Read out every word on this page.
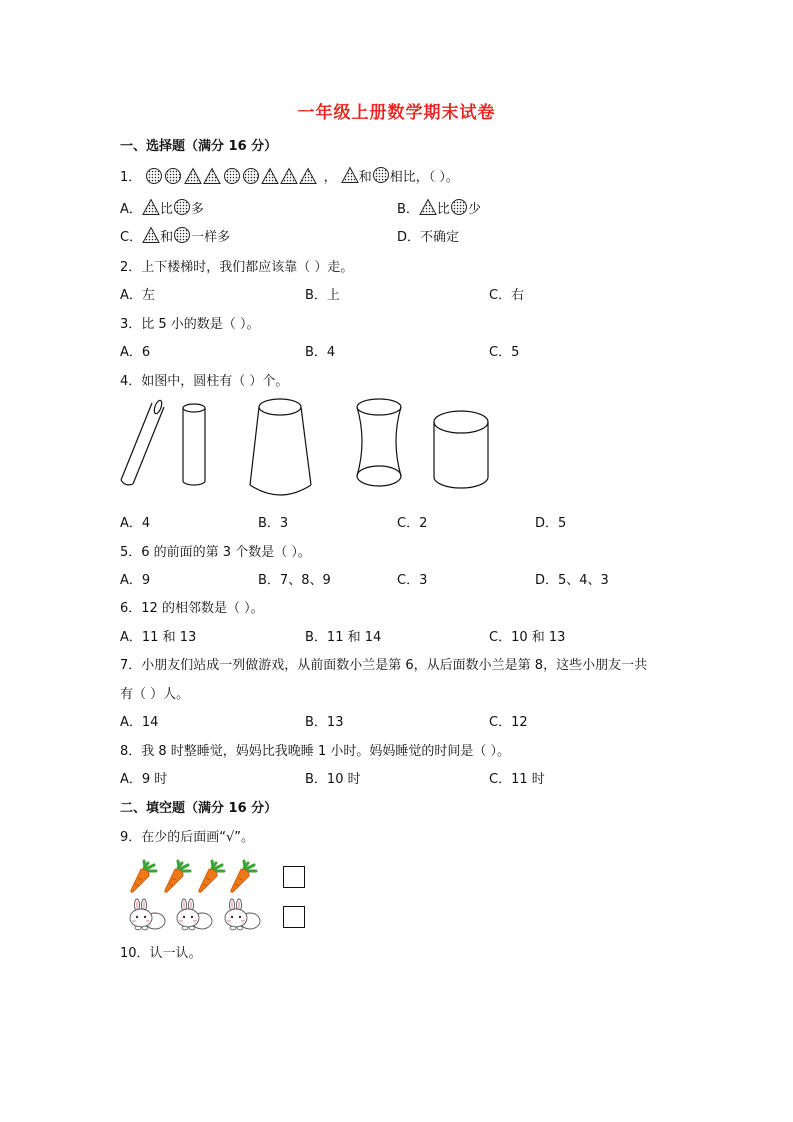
一年级上册数学期末试卷
一、选择题（满分 16 分）
1．	， 和 相比，（ ）。
A． 比 多	B． 比 少
C． 和 一样多	D．不确定
2．上下楼梯时，我们都应该靠（ ）走。
A．左	B．上	C．右
3．比 5 小的数是（ ）。
A．6	B．4	C．5
4．如图中，圆柱有（ ）个。
A．4	B．3	C．2	D．5
5．6 的前面的第 3 个数是（ ）。
A．9	B．7、8、9	C．3	D．5、4、3
6．12 的相邻数是（ ）。
A．11 和 13	B．11 和 14	C．10 和 13
7．小朋友们站成一列做游戏，从前面数小兰是第 6，从后面数小兰是第 8，这些小朋友一共
有（ ）人。
A．14	B．13	C．12
8．我 8 时整睡觉，妈妈比我晚睡 1 小时。妈妈睡觉的时间是（ ）。
A．9 时	B．10 时	C．11 时
二、填空题（满分 16 分）
9．在少的后面画“√”。
10．认一认。
